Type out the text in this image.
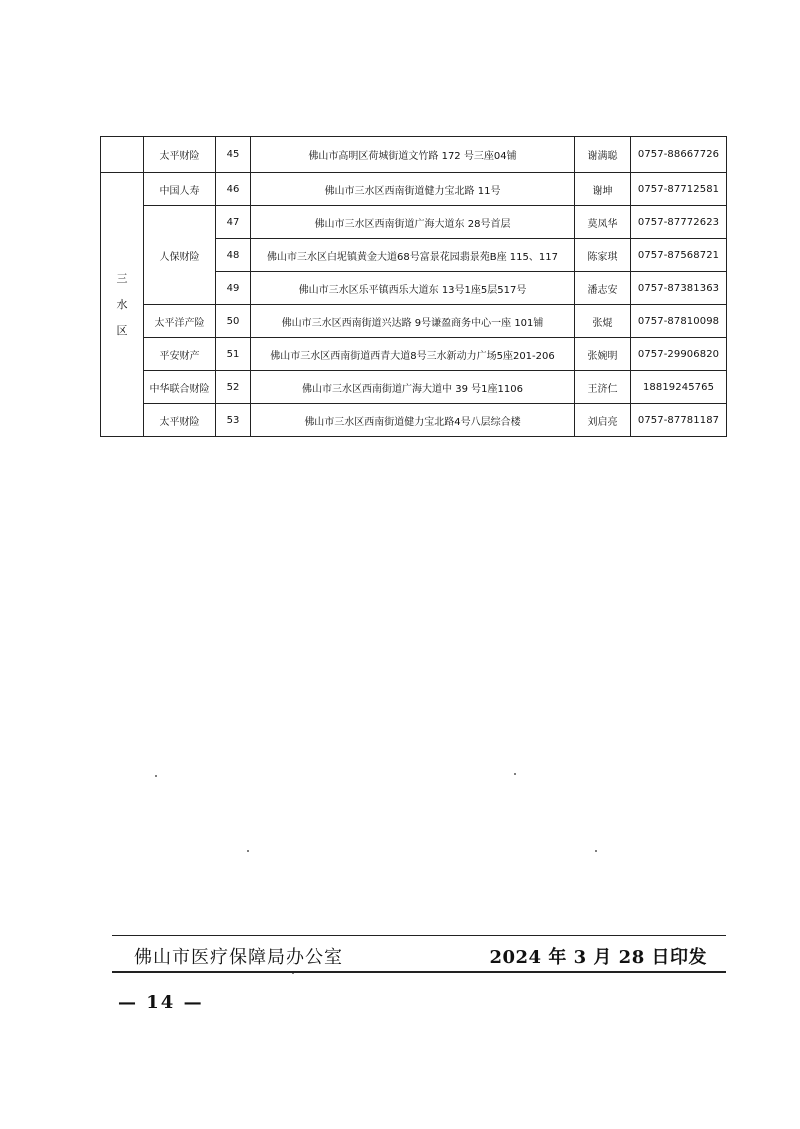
	太平财险	45	佛山市高明区荷城街道文竹路 172 号三座04铺	谢满聪	0757-88667726
三水区	中国人寿	46	佛山市三水区西南街道健力宝北路 11号	谢坤	0757-87712581
	人保财险	47	佛山市三水区西南街道广海大道东 28号首层	莫凤华	0757-87772623
		48	佛山市三水区白坭镇黄金大道68号富景花园翡景苑B座 115、117	陈家琪	0757-87568721
		49	佛山市三水区乐平镇西乐大道东 13号1座5层517号	潘志安	0757-87381363
	太平洋产险	50	佛山市三水区西南街道兴达路 9号谦盈商务中心一座 101铺	张焜	0757-87810098
	平安财产	51	佛山市三水区西南街道西青大道8号三水新动力广场5座201-206	张婉明	0757-29906820
	中华联合财险	52	佛山市三水区西南街道广海大道中 39 号1座1106	王济仁	18819245765
	太平财险	53	佛山市三水区西南街道健力宝北路4号八层综合楼	刘启亮	0757-87781187
佛山市医疗保障局办公室	2024 年 3 月 28 日印发
— 14 —
